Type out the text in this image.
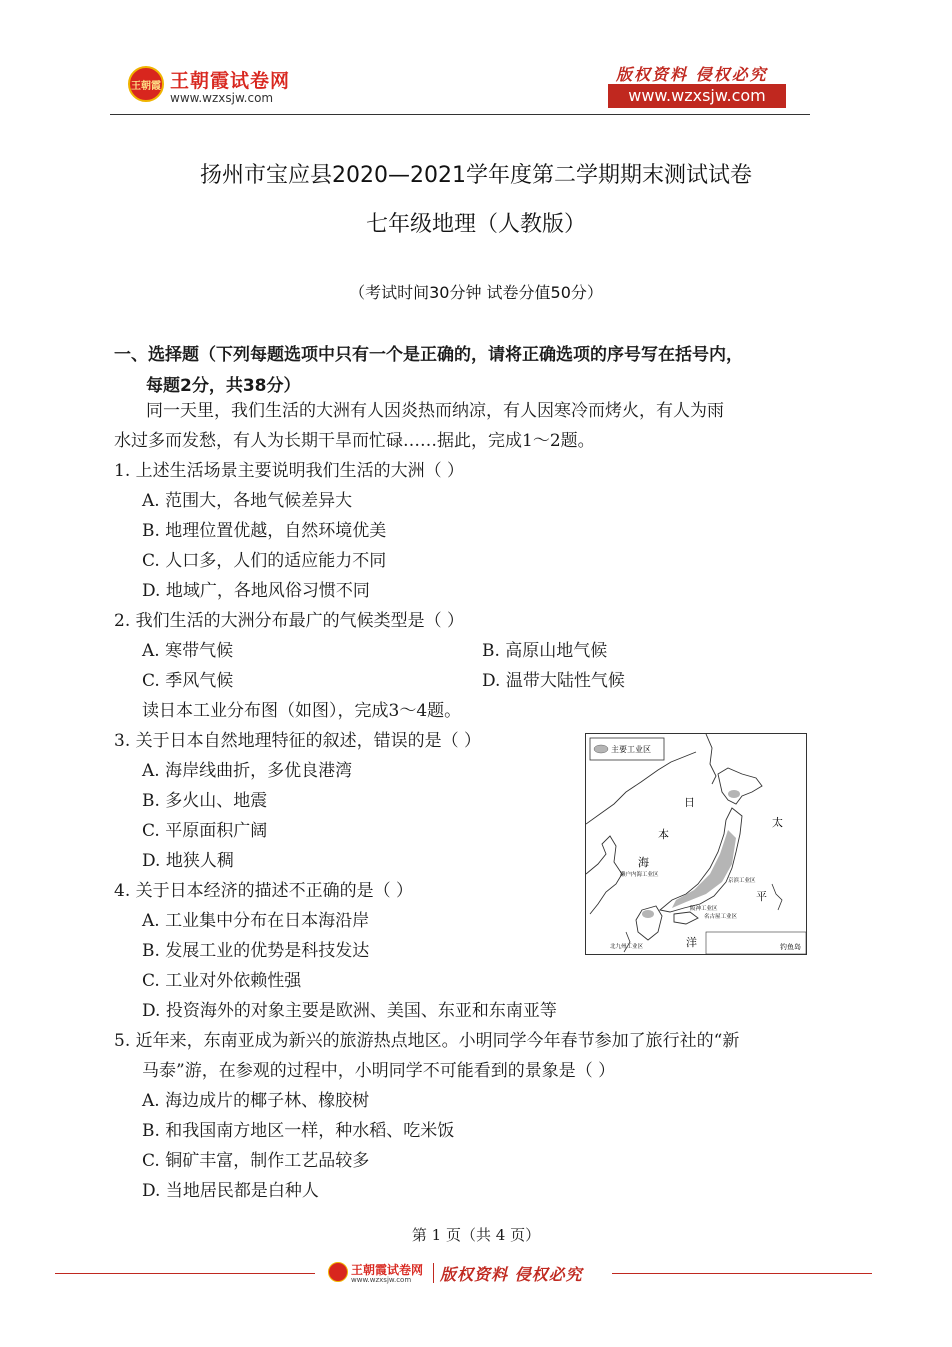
王朝霞 王朝霞试卷网
www.wzxsjw.com
版权资料 侵权必究
www.wzxsjw.com
扬州市宝应县2020—2021学年度第二学期期末测试试卷
七年级地理（人教版）
（考试时间30分钟 试卷分值50分）
一、选择题（下列每题选项中只有一个是正确的，请将正确选项的序号写在括号内，
每题2分，共38分）
同一天里，我们生活的大洲有人因炎热而纳凉，有人因寒冷而烤火，有人为雨
水过多而发愁，有人为长期干旱而忙碌……据此，完成1～2题。
1. 上述生活场景主要说明我们生活的大洲（ ）
A. 范围大，各地气候差异大
B. 地理位置优越，自然环境优美
C. 人口多，人们的适应能力不同
D. 地域广，各地风俗习惯不同
2. 我们生活的大洲分布最广的气候类型是（ ）
A. 寒带气候	B. 高原山地气候
C. 季风气候	D. 温带大陆性气候
读日本工业分布图（如图），完成3～4题。
3. 关于日本自然地理特征的叙述，错误的是（ ）
A. 海岸线曲折，多优良港湾
B. 多火山、地震
C. 平原面积广阔
D. 地狭人稠
4. 关于日本经济的描述不正确的是（ ）
A. 工业集中分布在日本海沿岸
B. 发展工业的优势是科技发达
C. 工业对外依赖性强
D. 投资海外的对象主要是欧洲、美国、东亚和东南亚等
5. 近年来，东南亚成为新兴的旅游热点地区。小明同学今年春节参加了旅行社的“新
马泰”游，在参观的过程中，小明同学不可能看到的景象是（ ）
A. 海边成片的椰子林、橡胶树
B. 和我国南方地区一样，种水稻、吃米饭
C. 铜矿丰富，制作工艺品较多
D. 当地居民都是白种人
主要工业区
钓鱼岛
日
本
海
太
平
洋
濑户内海工业区
京滨工业区
阪神工业区
名古屋工业区
北九州工业区
第 1 页（共 4 页）
王朝霞试卷网
www.wzxsjw.com 版权资料 侵权必究
